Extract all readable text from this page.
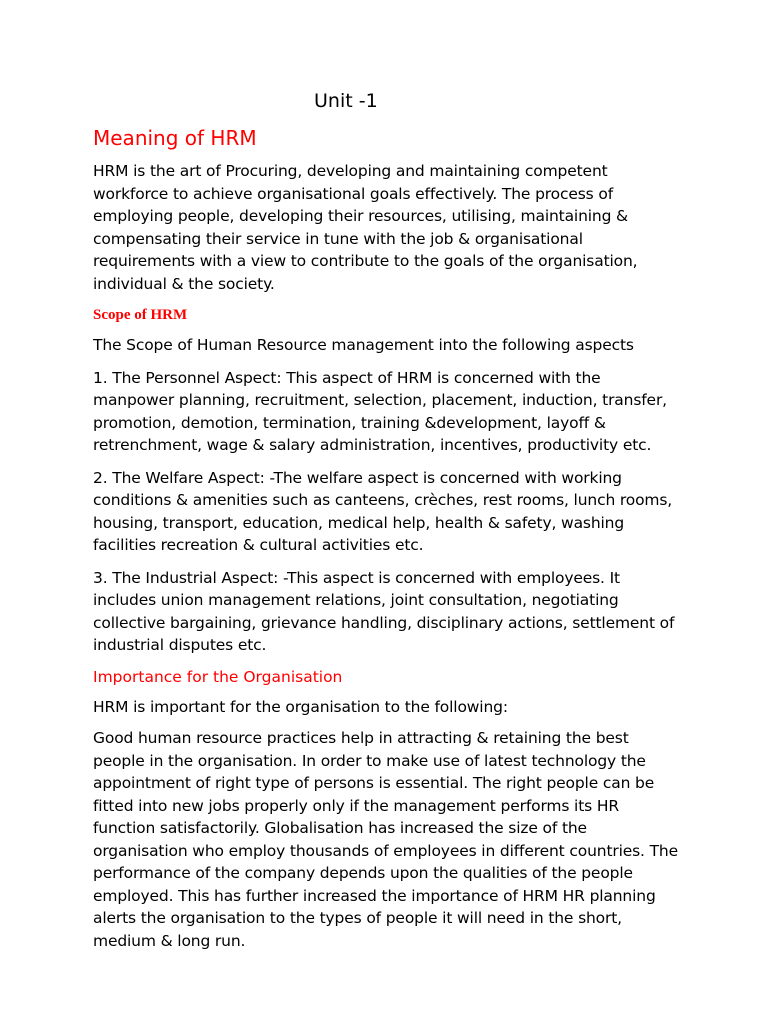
Unit -1
Meaning of HRM

HRM is the art of Procuring, developing and maintaining competent workforce to achieve organisational goals effectively. The process of employing people, developing their resources, utilising, maintaining & compensating their service in tune with the job & organisational requirements with a view to contribute to the goals of the organisation, individual & the society.

Scope of HRM

The Scope of Human Resource management into the following aspects

1. The Personnel Aspect: This aspect of HRM is concerned with the manpower planning, recruitment, selection, placement, induction, transfer, promotion, demotion, termination, training &development, layoff & retrenchment, wage & salary administration, incentives, productivity etc.

2. The Welfare Aspect: -The welfare aspect is concerned with working conditions & amenities such as canteens, crèches, rest rooms, lunch rooms, housing, transport, education, medical help, health & safety, washing facilities recreation & cultural activities etc.

3. The Industrial Aspect: -This aspect is concerned with employees. It includes union management relations, joint consultation, negotiating collective bargaining, grievance handling, disciplinary actions, settlement of industrial disputes etc.

Importance for the Organisation

HRM is important for the organisation to the following:

Good human resource practices help in attracting & retaining the best people in the organisation. In order to make use of latest technology the appointment of right type of persons is essential. The right people can be fitted into new jobs properly only if the management performs its HR function satisfactorily. Globalisation has increased the size of the organisation who employ thousands of employees in different countries. The performance of the company depends upon the qualities of the people employed. This has further increased the importance of HRM HR planning alerts the organisation to the types of people it will need in the short, medium & long run.
